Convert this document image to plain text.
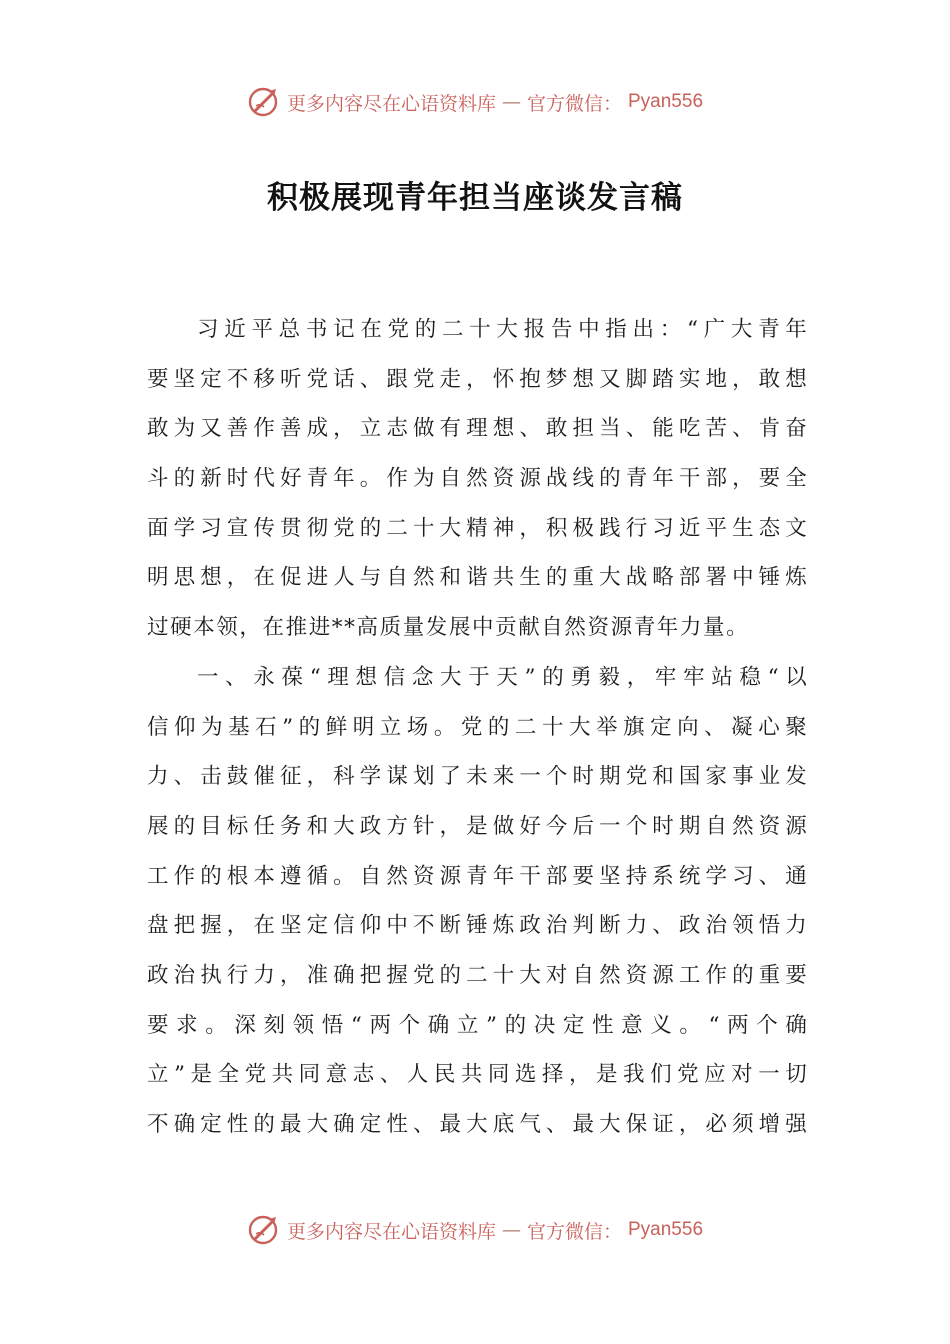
更多内容尽在心语资料库 — 官方微信： Pyan556
积极展现青年担当座谈发言稿
习 近 平 总 书 记 在 党 的 二 十 大 报 告 中 指 出 ： “ 广 大 青 年
要 坚 定 不 移 听 党 话 、 跟 党 走 ， 怀 抱 梦 想 又 脚 踏 实 地 ， 敢 想
敢 为 又 善 作 善 成 ， 立 志 做 有 理 想 、 敢 担 当 、 能 吃 苦 、 肯 奋
斗 的 新 时 代 好 青 年 。 作 为 自 然 资 源 战 线 的 青 年 干 部 ， 要 全
面 学 习 宣 传 贯 彻 党 的 二 十 大 精 神 ， 积 极 践 行 习 近 平 生 态 文
明 思 想 ， 在 促 进 人 与 自 然 和 谐 共 生 的 重 大 战 略 部 署 中 锤 炼
过硬本领，在推进**高质量发展中贡献自然资源青年力量。
一 、 永 葆 “ 理 想 信 念 大 于 天 ” 的 勇 毅 ， 牢 牢 站 稳 “ 以
信 仰 为 基 石 ” 的 鲜 明 立 场 。 党 的 二 十 大 举 旗 定 向 、 凝 心 聚
力 、 击 鼓 催 征 ， 科 学 谋 划 了 未 来 一 个 时 期 党 和 国 家 事 业 发
展 的 目 标 任 务 和 大 政 方 针 ， 是 做 好 今 后 一 个 时 期 自 然 资 源
工 作 的 根 本 遵 循 。 自 然 资 源 青 年 干 部 要 坚 持 系 统 学 习 、 通
盘 把 握 ， 在 坚 定 信 仰 中 不 断 锤 炼 政 治 判 断 力 、 政 治 领 悟 力
政 治 执 行 力 ， 准 确 把 握 党 的 二 十 大 对 自 然 资 源 工 作 的 重 要
要 求 。 深 刻 领 悟 “ 两 个 确 立 ” 的 决 定 性 意 义 。 “ 两 个 确
立 ” 是 全 党 共 同 意 志 、 人 民 共 同 选 择 ， 是 我 们 党 应 对 一 切
不 确 定 性 的 最 大 确 定 性 、 最 大 底 气 、 最 大 保 证 ， 必 须 增 强
更多内容尽在心语资料库 — 官方微信： Pyan556
